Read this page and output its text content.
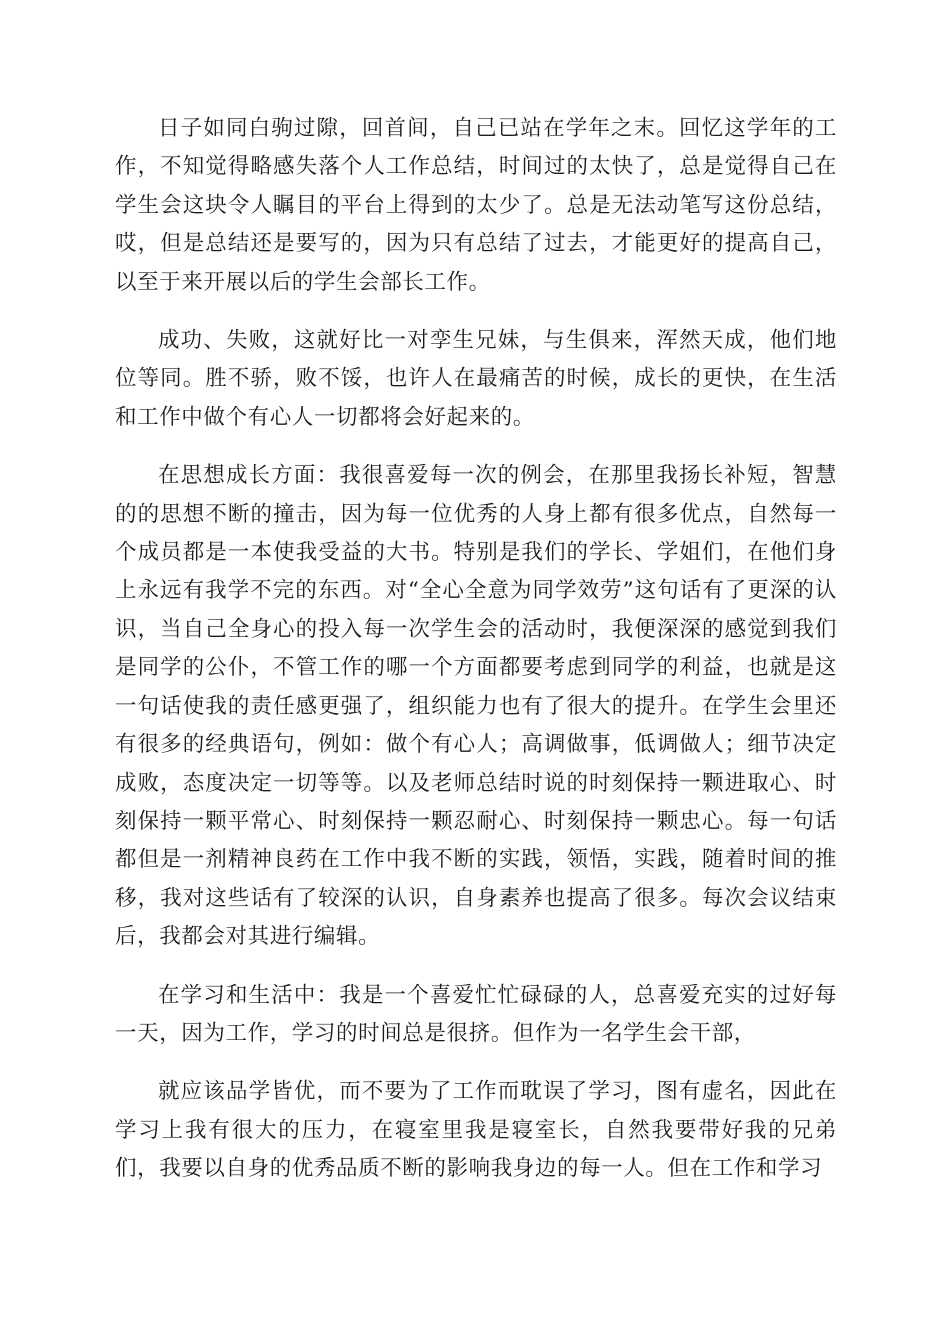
日子如同白驹过隙，回首间，自己已站在学年之末。回忆这学年的工作，不知觉得略感失落个人工作总结，时间过的太快了，总是觉得自己在学生会这块令人瞩目的平台上得到的太少了。总是无法动笔写这份总结，哎，但是总结还是要写的，因为只有总结了过去，才能更好的提高自己，以至于来开展以后的学生会部长工作。

成功、失败，这就好比一对孪生兄妹，与生俱来，浑然天成，他们地位等同。胜不骄，败不馁，也许人在最痛苦的时候，成长的更快，在生活和工作中做个有心人一切都将会好起来的。

在思想成长方面：我很喜爱每一次的例会，在那里我扬长补短，智慧的的思想不断的撞击，因为每一位优秀的人身上都有很多优点，自然每一个成员都是一本使我受益的大书。特别是我们的学长、学姐们，在他们身上永远有我学不完的东西。对“全心全意为同学效劳”这句话有了更深的认识，当自己全身心的投入每一次学生会的活动时，我便深深的感觉到我们是同学的公仆，不管工作的哪一个方面都要考虑到同学的利益，也就是这一句话使我的责任感更强了，组织能力也有了很大的提升。在学生会里还有很多的经典语句，例如：做个有心人；高调做事，低调做人；细节决定成败，态度决定一切等等。以及老师总结时说的时刻保持一颗进取心、时刻保持一颗平常心、时刻保持一颗忍耐心、时刻保持一颗忠心。每一句话都但是一剂精神良药在工作中我不断的实践，领悟，实践，随着时间的推移，我对这些话有了较深的认识，自身素养也提高了很多。每次会议结束后，我都会对其进行编辑。

在学习和生活中：我是一个喜爱忙忙碌碌的人，总喜爱充实的过好每一天，因为工作，学习的时间总是很挤。但作为一名学生会干部，

就应该品学皆优，而不要为了工作而耽误了学习，图有虚名，因此在学习上我有很大的压力，在寝室里我是寝室长，自然我要带好我的兄弟们，我要以自身的优秀品质不断的影响我身边的每一人。但在工作和学习
